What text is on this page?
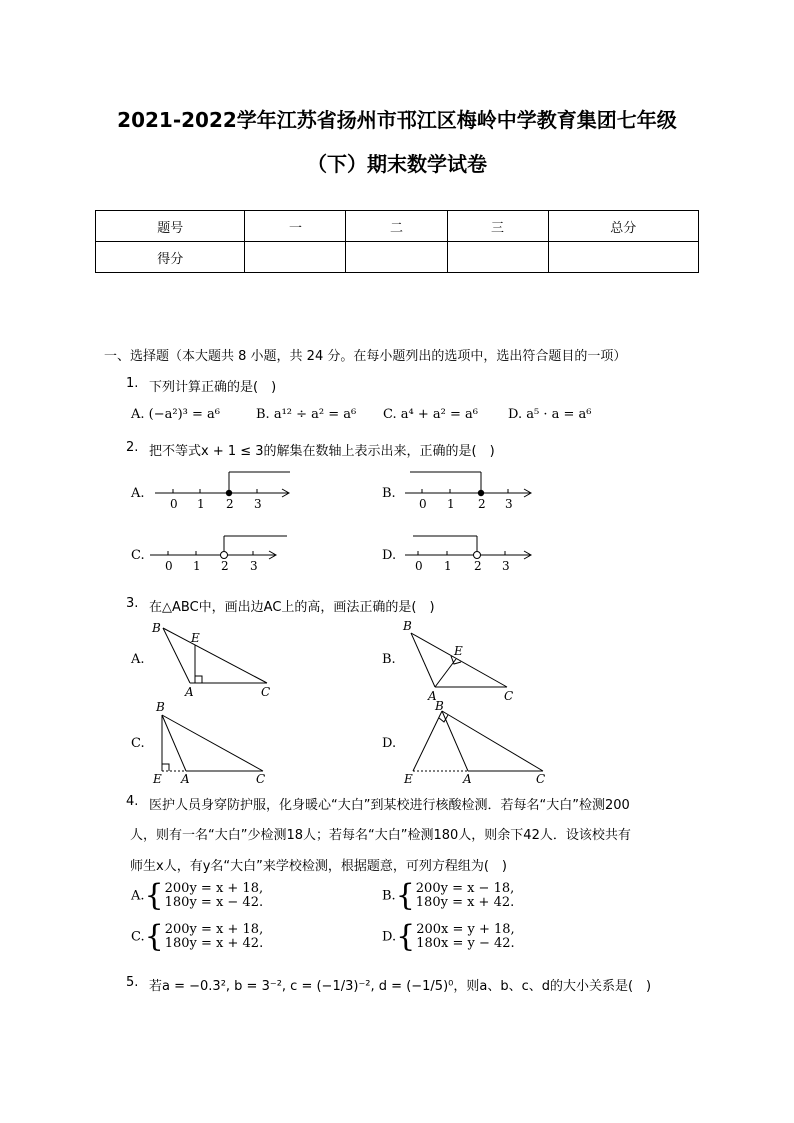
2021-2022学年江苏省扬州市邗江区梅岭中学教育集团七年级
（下）期末数学试卷
题号	一	二	三	总分
得分				
一、选择题（本大题共 8 小题，共 24 分。在每小题列出的选项中，选出符合题目的一项）
1. 下列计算正确的是(　)
A. (−a²)³ = a⁶	B. a¹² ÷ a² = a⁶ C. a⁴ + a² = a⁶ D. a⁵ · a = a⁶
2. 把不等式x + 1 ≤ 3的解集在数轴上表示出来，正确的是(　)
A.	B.
C.	D.
0 1 2 3	0 1 2 3
0 1 2 3	0 1 2 3
3. 在△ABC中，画出边AC上的高，画法正确的是(　)
A.	B.
C.	D.
B
E
A	C
B
E
A	C
B
E A	C
B
E	A	C
4. 医护人员身穿防护服，化身暖心“大白”到某校进行核酸检测．若每名“大白”检测200
人，则有一名“大白”少检测18人；若每名“大白”检测180人，则余下42人．设该校共有
师生x人，有y名“大白”来学校检测，根据题意，可列方程组为(　)
A.{200y = x + 18,
180y = x − 42.	B.{200y = x − 18,
180y = x + 42.
C.{200y = x + 18,
180y = x + 42.	D.{200x = y + 18,
180x = y − 42.
5. 若a = −0.3², b = 3⁻², c = (−1/3)⁻², d = (−1/5)⁰，则a、b、c、d的大小关系是(　)
